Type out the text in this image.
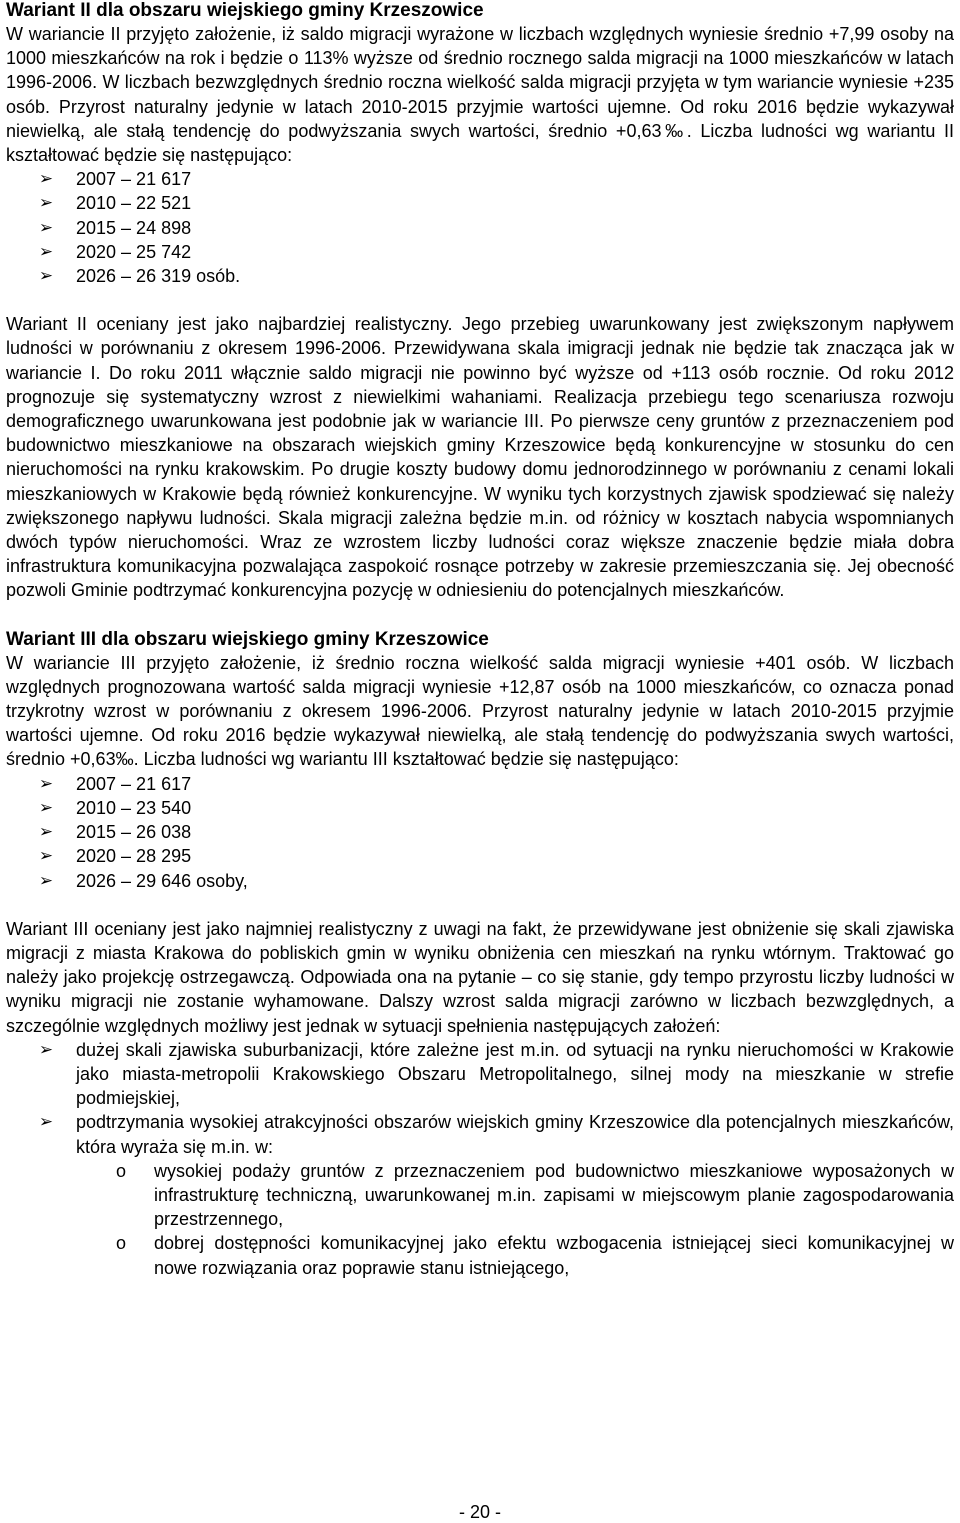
Wariant II dla obszaru wiejskiego gminy Krzeszowice

W wariancie II przyjęto założenie, iż saldo migracji wyrażone w liczbach względnych wyniesie średnio +7,99 osoby na 1000 mieszkańców na rok i będzie o 113% wyższe od średnio rocznego salda migracji na 1000 mieszkańców w latach 1996-2006. W liczbach bezwzględnych średnio roczna wielkość salda migracji przyjęta w tym wariancie wyniesie +235 osób. Przyrost naturalny jedynie w latach 2010-2015 przyjmie wartości ujemne. Od roku 2016 będzie wykazywał niewielką, ale stałą tendencję do podwyższania swych wartości, średnio +0,63‰. Liczba ludności wg wariantu II kształtować będzie się następująco:

➢ 2007 – 21 617
➢ 2010 – 22 521
➢ 2015 – 24 898
➢ 2020 – 25 742
➢ 2026 – 26 319 osób.

Wariant II oceniany jest jako najbardziej realistyczny. Jego przebieg uwarunkowany jest zwiększonym napływem ludności w porównaniu z okresem 1996-2006. Przewidywana skala imigracji jednak nie będzie tak znacząca jak w wariancie I. Do roku 2011 włącznie saldo migracji nie powinno być wyższe od +113 osób rocznie. Od roku 2012 prognozuje się systematyczny wzrost z niewielkimi wahaniami. Realizacja przebiegu tego scenariusza rozwoju demograficznego uwarunkowana jest podobnie jak w wariancie III. Po pierwsze ceny gruntów z przeznaczeniem pod budownictwo mieszkaniowe na obszarach wiejskich gminy Krzeszowice będą konkurencyjne w stosunku do cen nieruchomości na rynku krakowskim. Po drugie koszty budowy domu jednorodzinnego w porównaniu z cenami lokali mieszkaniowych w Krakowie będą również konkurencyjne. W wyniku tych korzystnych zjawisk spodziewać się należy zwiększonego napływu ludności. Skala migracji zależna będzie m.in. od różnicy w kosztach nabycia wspomnianych dwóch typów nieruchomości. Wraz ze wzrostem liczby ludności coraz większe znaczenie będzie miała dobra infrastruktura komunikacyjna pozwalająca zaspokoić rosnące potrzeby w zakresie przemieszczania się. Jej obecność pozwoli Gminie podtrzymać konkurencyjna pozycję w odniesieniu do potencjalnych mieszkańców.

Wariant III dla obszaru wiejskiego gminy Krzeszowice

W wariancie III przyjęto założenie, iż średnio roczna wielkość salda migracji wyniesie +401 osób. W liczbach względnych prognozowana wartość salda migracji wyniesie +12,87 osób na 1000 mieszkańców, co oznacza ponad trzykrotny wzrost w porównaniu z okresem 1996-2006. Przyrost naturalny jedynie w latach 2010-2015 przyjmie wartości ujemne. Od roku 2016 będzie wykazywał niewielką, ale stałą tendencję do podwyższania swych wartości, średnio +0,63‰. Liczba ludności wg wariantu III kształtować będzie się następująco:

➢ 2007 – 21 617
➢ 2010 – 23 540
➢ 2015 – 26 038
➢ 2020 – 28 295
➢ 2026 – 29 646 osoby,

Wariant III oceniany jest jako najmniej realistyczny z uwagi na fakt, że przewidywane jest obniżenie się skali zjawiska migracji z miasta Krakowa do pobliskich gmin w wyniku obniżenia cen mieszkań na rynku wtórnym. Traktować go należy jako projekcję ostrzegawczą. Odpowiada ona na pytanie – co się stanie, gdy tempo przyrostu liczby ludności w wyniku migracji nie zostanie wyhamowane. Dalszy wzrost salda migracji zarówno w liczbach bezwzględnych, a szczególnie względnych możliwy jest jednak w sytuacji spełnienia następujących założeń:

➢ dużej skali zjawiska suburbanizacji, które zależne jest m.in. od sytuacji na rynku nieruchomości w Krakowie jako miasta-metropolii Krakowskiego Obszaru Metropolitalnego, silnej mody na mieszkanie w strefie podmiejskiej,
➢ podtrzymania wysokiej atrakcyjności obszarów wiejskich gminy Krzeszowice dla potencjalnych mieszkańców, która wyraża się m.in. w:
o wysokiej podaży gruntów z przeznaczeniem pod budownictwo mieszkaniowe wyposażonych w infrastrukturę techniczną, uwarunkowanej m.in. zapisami w miejscowym planie zagospodarowania przestrzennego,
o dobrej dostępności komunikacyjnej jako efektu wzbogacenia istniejącej sieci komunikacyjnej w nowe rozwiązania oraz poprawie stanu istniejącego,
- 20 -
